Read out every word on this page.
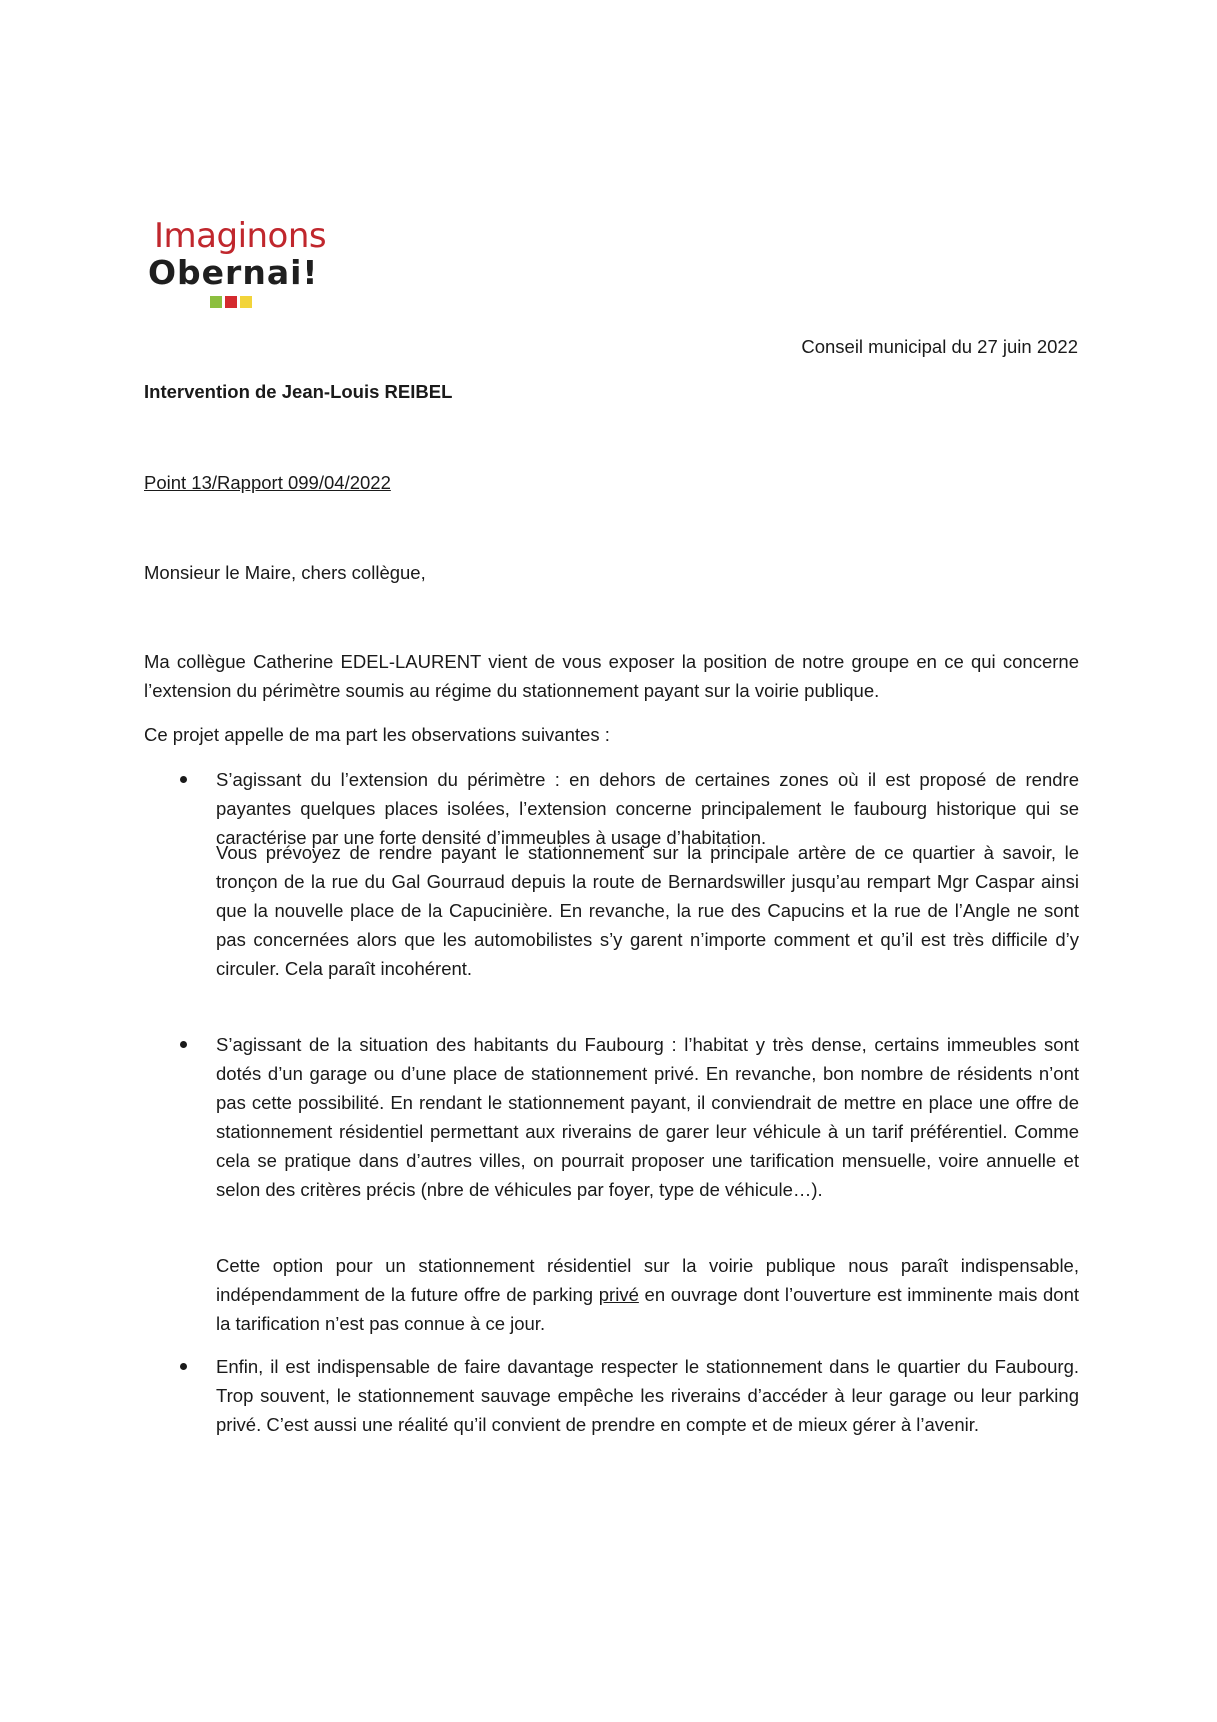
Imaginons
Obernai!
Conseil municipal du 27 juin 2022
Intervention de Jean-Louis REIBEL
Point 13/Rapport 099/04/2022
Monsieur le Maire, chers collègue,
Ma collègue Catherine EDEL-LAURENT vient de vous exposer la position de notre groupe en ce qui concerne l’extension du périmètre soumis au régime du stationnement payant sur la voirie publique.
Ce projet appelle de ma part les observations suivantes :
S’agissant du l’extension du périmètre : en dehors de certaines zones où il est proposé de rendre payantes quelques places isolées, l’extension concerne principalement le faubourg historique qui se caractérise par une forte densité d’immeubles à usage d’habitation.
Vous prévoyez de rendre payant le stationnement sur la principale artère de ce quartier à savoir, le tronçon de la rue du Gal Gourraud depuis la route de Bernardswiller jusqu’au rempart Mgr Caspar ainsi que la nouvelle place de la Capucinière. En revanche, la rue des Capucins et la rue de l’Angle ne sont pas concernées alors que les automobilistes s’y garent n’importe comment et qu’il est très difficile d’y circuler. Cela paraît incohérent.
S’agissant de la situation des habitants du Faubourg : l’habitat y très dense, certains immeubles sont dotés d’un garage ou d’une place de stationnement privé. En revanche, bon nombre de résidents n’ont pas cette possibilité. En rendant le stationnement payant, il conviendrait de mettre en place une offre de stationnement résidentiel permettant aux riverains de garer leur véhicule à un tarif préférentiel. Comme cela se pratique dans d’autres villes, on pourrait proposer une tarification mensuelle, voire annuelle et selon des critères précis (nbre de véhicules par foyer, type de véhicule…).
Cette option pour un stationnement résidentiel sur la voirie publique nous paraît indispensable, indépendamment de la future offre de parking privé en ouvrage dont l’ouverture est imminente mais dont la tarification n’est pas connue à ce jour.
Enfin, il est indispensable de faire davantage respecter le stationnement dans le quartier du Faubourg. Trop souvent, le stationnement sauvage empêche les riverains d’accéder à leur garage ou leur parking privé. C’est aussi une réalité qu’il convient de prendre en compte et de mieux gérer à l’avenir.
